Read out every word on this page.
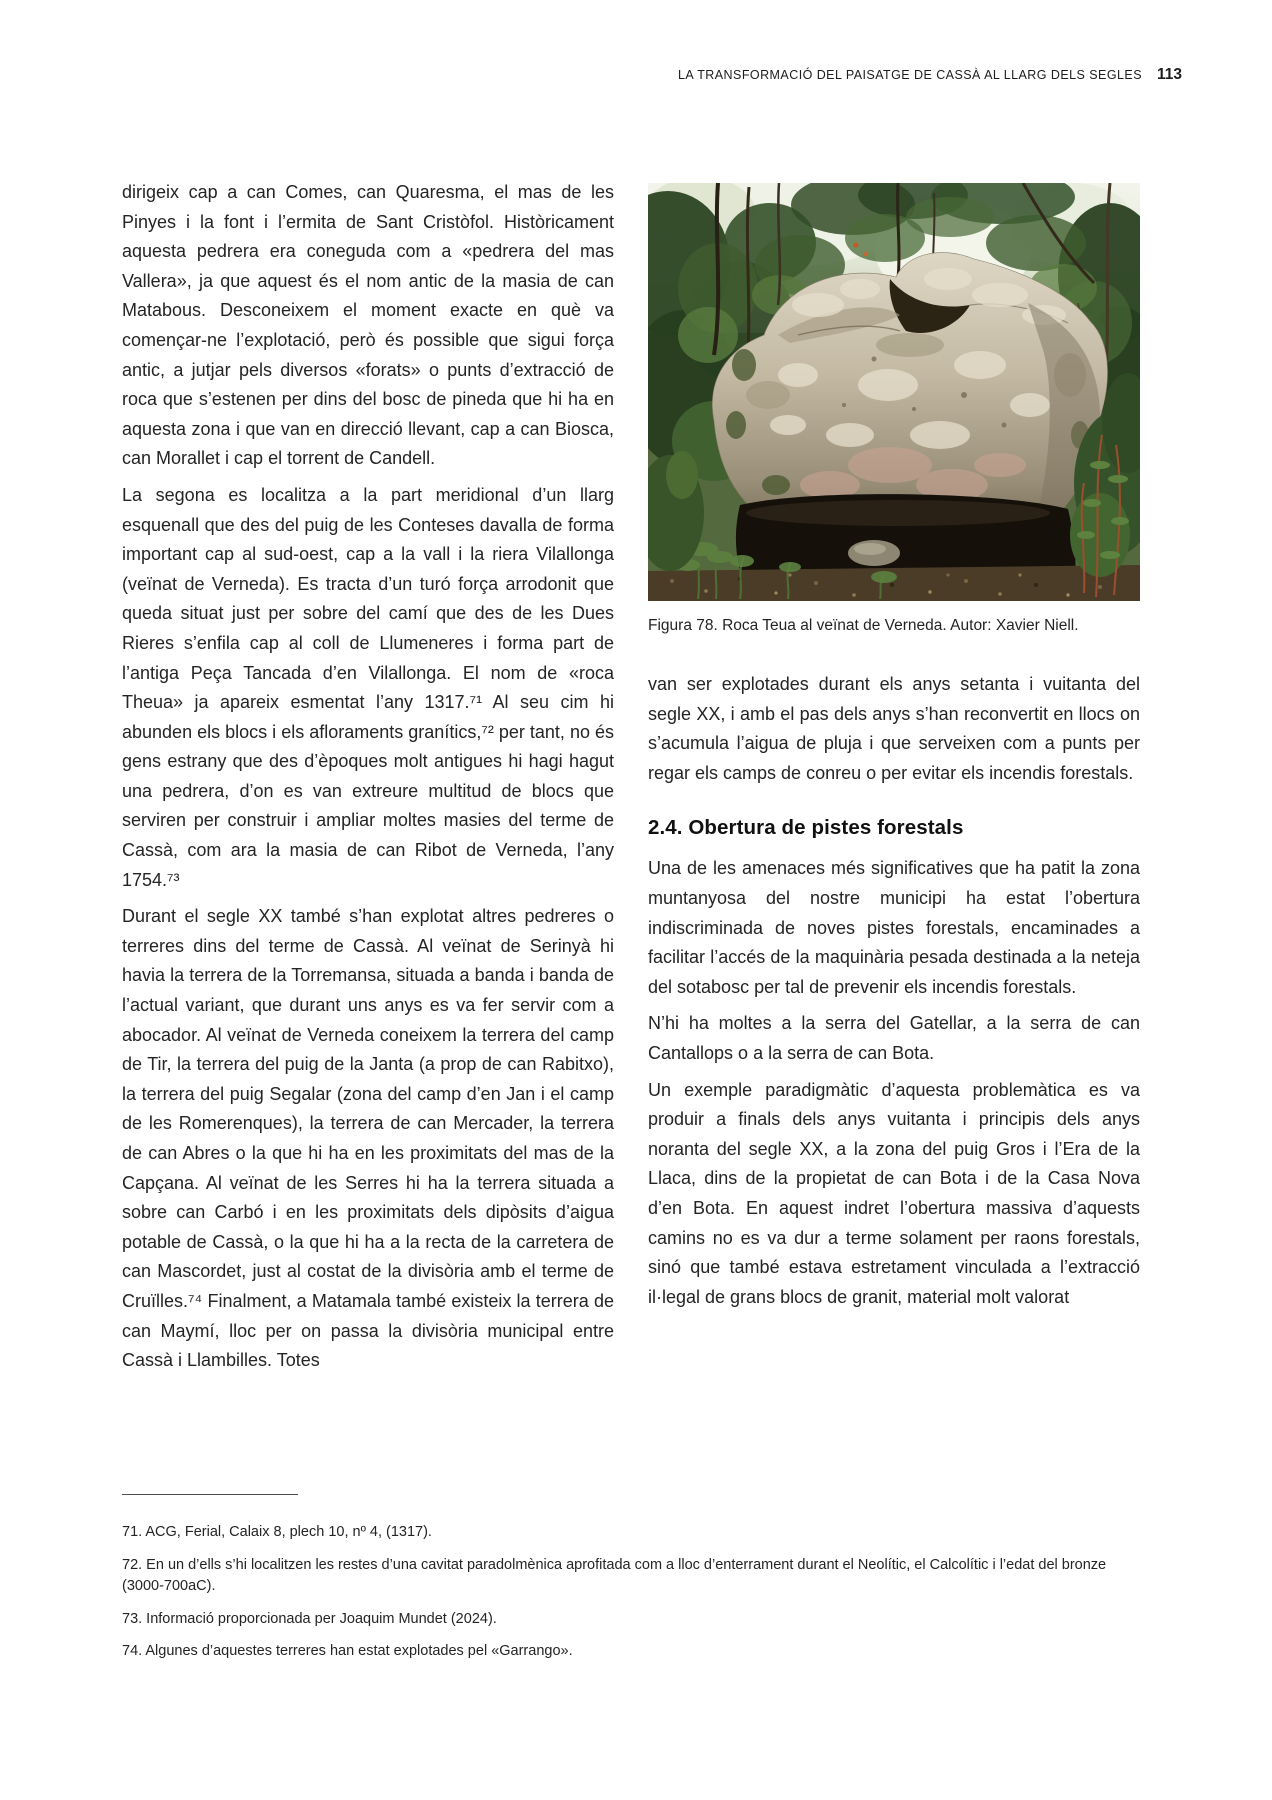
LA TRANSFORMACIÓ DEL PAISATGE DE CASSÀ AL LLARG DELS SEGLES 113

dirigeix cap a can Comes, can Quaresma, el mas de les Pinyes i la font i l’ermita de Sant Cristòfol. Històricament aquesta pedrera era coneguda com a «pedrera del mas Vallera», ja que aquest és el nom antic de la masia de can Matabous. Desconeixem el moment exacte en què va començar-ne l’explotació, però és possible que sigui força antic, a jutjar pels diversos «forats» o punts d’extracció de roca que s’estenen per dins del bosc de pineda que hi ha en aquesta zona i que van en direcció llevant, cap a can Biosca, can Morallet i cap el torrent de Candell.

La segona es localitza a la part meridional d’un llarg esquenall que des del puig de les Conteses davalla de forma important cap al sud-oest, cap a la vall i la riera Vilallonga (veïnat de Verneda). Es tracta d’un turó força arrodonit que queda situat just per sobre del camí que des de les Dues Rieres s’enfila cap al coll de Llumeneres i forma part de l’antiga Peça Tancada d’en Vilallonga. El nom de «roca Theua» ja apareix esmentat l’any 1317.⁷¹ Al seu cim hi abunden els blocs i els afloraments granítics,⁷² per tant, no és gens estrany que des d’èpoques molt antigues hi hagi hagut una pedrera, d’on es van extreure multitud de blocs que serviren per construir i ampliar moltes masies del terme de Cassà, com ara la masia de can Ribot de Verneda, l’any 1754.⁷³

Durant el segle XX també s’han explotat altres pedreres o terreres dins del terme de Cassà. Al veïnat de Serinyà hi havia la terrera de la Torremansa, situada a banda i banda de l’actual variant, que durant uns anys es va fer servir com a abocador. Al veïnat de Verneda coneixem la terrera del camp de Tir, la terrera del puig de la Janta (a prop de can Rabitxo), la terrera del puig Segalar (zona del camp d’en Jan i el camp de les Romerenques), la terrera de can Mercader, la terrera de can Abres o la que hi ha en les proximitats del mas de la Capçana. Al veïnat de les Serres hi ha la terrera situada a sobre can Carbó i en les proximitats dels dipòsits d’aigua potable de Cassà, o la que hi ha a la recta de la carretera de can Mascordet, just al costat de la divisòria amb el terme de Cruïlles.⁷⁴ Finalment, a Matamala també existeix la terrera de can Maymí, lloc per on passa la divisòria municipal entre Cassà i Llambilles. Totes

Figura 78. Roca Teua al veïnat de Verneda. Autor: Xavier Niell.

van ser explotades durant els anys setanta i vuitanta del segle XX, i amb el pas dels anys s’han reconvertit en llocs on s’acumula l’aigua de pluja i que serveixen com a punts per regar els camps de conreu o per evitar els incendis forestals.

2.4. Obertura de pistes forestals

Una de les amenaces més significatives que ha patit la zona muntanyosa del nostre municipi ha estat l’obertura indiscriminada de noves pistes forestals, encaminades a facilitar l’accés de la maquinària pesada destinada a la neteja del sotabosc per tal de prevenir els incendis forestals.

N’hi ha moltes a la serra del Gatellar, a la serra de can Cantallops o a la serra de can Bota.

Un exemple paradigmàtic d’aquesta problemàtica es va produir a finals dels anys vuitanta i principis dels anys noranta del segle XX, a la zona del puig Gros i l’Era de la Llaca, dins de la propietat de can Bota i de la Casa Nova d’en Bota. En aquest indret l’obertura massiva d’aquests camins no es va dur a terme solament per raons forestals, sinó que també estava estretament vinculada a l’extracció il·legal de grans blocs de granit, material molt valorat

71. ACG, Ferial, Calaix 8, plech 10, nº 4, (1317).

72. En un d’ells s’hi localitzen les restes d’una cavitat paradolmènica aprofitada com a lloc d’enterrament durant el Neolític, el Calcolític i l’edat del bronze (3000-700aC).

73. Informació proporcionada per Joaquim Mundet (2024).

74. Algunes d’aquestes terreres han estat explotades pel «Garrango».
